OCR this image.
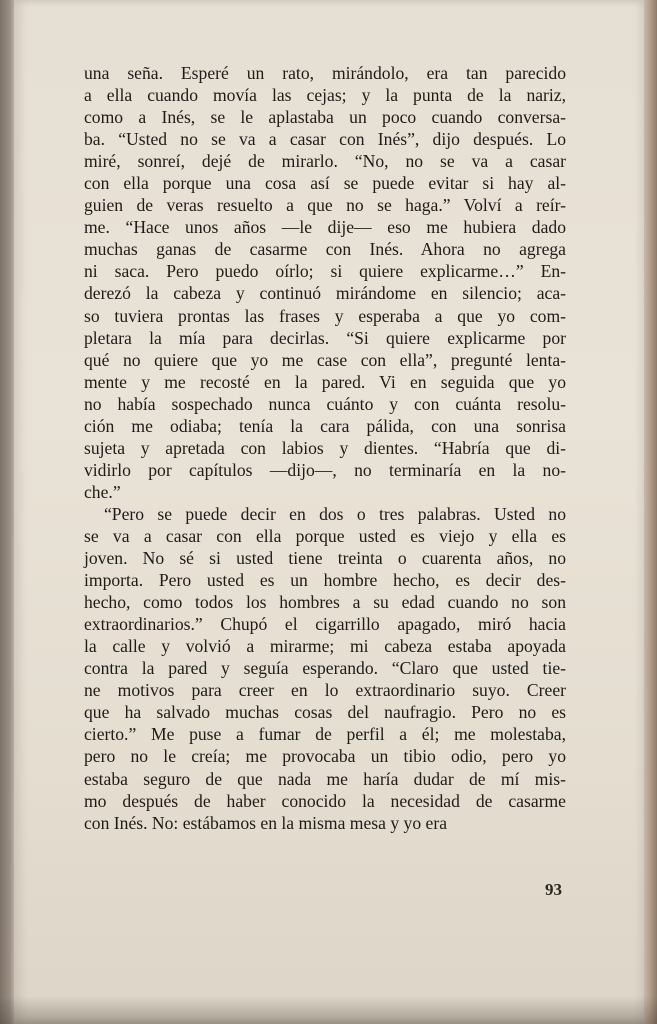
una seña. Esperé un rato, mirándolo, era tan parecido
a ella cuando movía las cejas; y la punta de la nariz,
como a Inés, se le aplastaba un poco cuando conversa-
ba. “Usted no se va a casar con Inés”, dijo después. Lo
miré, sonreí, dejé de mirarlo. “No, no se va a casar
con ella porque una cosa así se puede evitar si hay al-
guien de veras resuelto a que no se haga.” Volví a reír-
me. “Hace unos años —le dije— eso me hubiera dado
muchas ganas de casarme con Inés. Ahora no agrega
ni saca. Pero puedo oírlo; si quiere explicarme…” En-
derezó la cabeza y continuó mirándome en silencio; aca-
so tuviera prontas las frases y esperaba a que yo com-
pletara la mía para decirlas. “Si quiere explicarme por
qué no quiere que yo me case con ella”, pregunté lenta-
mente y me recosté en la pared. Vi en seguida que yo
no había sospechado nunca cuánto y con cuánta resolu-
ción me odiaba; tenía la cara pálida, con una sonrisa
sujeta y apretada con labios y dientes. “Habría que di-
vidirlo por capítulos —dijo—, no terminaría en la no-
che.”
“Pero se puede decir en dos o tres palabras. Usted no
se va a casar con ella porque usted es viejo y ella es
joven. No sé si usted tiene treinta o cuarenta años, no
importa. Pero usted es un hombre hecho, es decir des-
hecho, como todos los hombres a su edad cuando no son
extraordinarios.” Chupó el cigarrillo apagado, miró hacia
la calle y volvió a mirarme; mi cabeza estaba apoyada
contra la pared y seguía esperando. “Claro que usted tie-
ne motivos para creer en lo extraordinario suyo. Creer
que ha salvado muchas cosas del naufragio. Pero no es
cierto.” Me puse a fumar de perfil a él; me molestaba,
pero no le creía; me provocaba un tibio odio, pero yo
estaba seguro de que nada me haría dudar de mí mis-
mo después de haber conocido la necesidad de casarme
con Inés. No: estábamos en la misma mesa y yo era
93
